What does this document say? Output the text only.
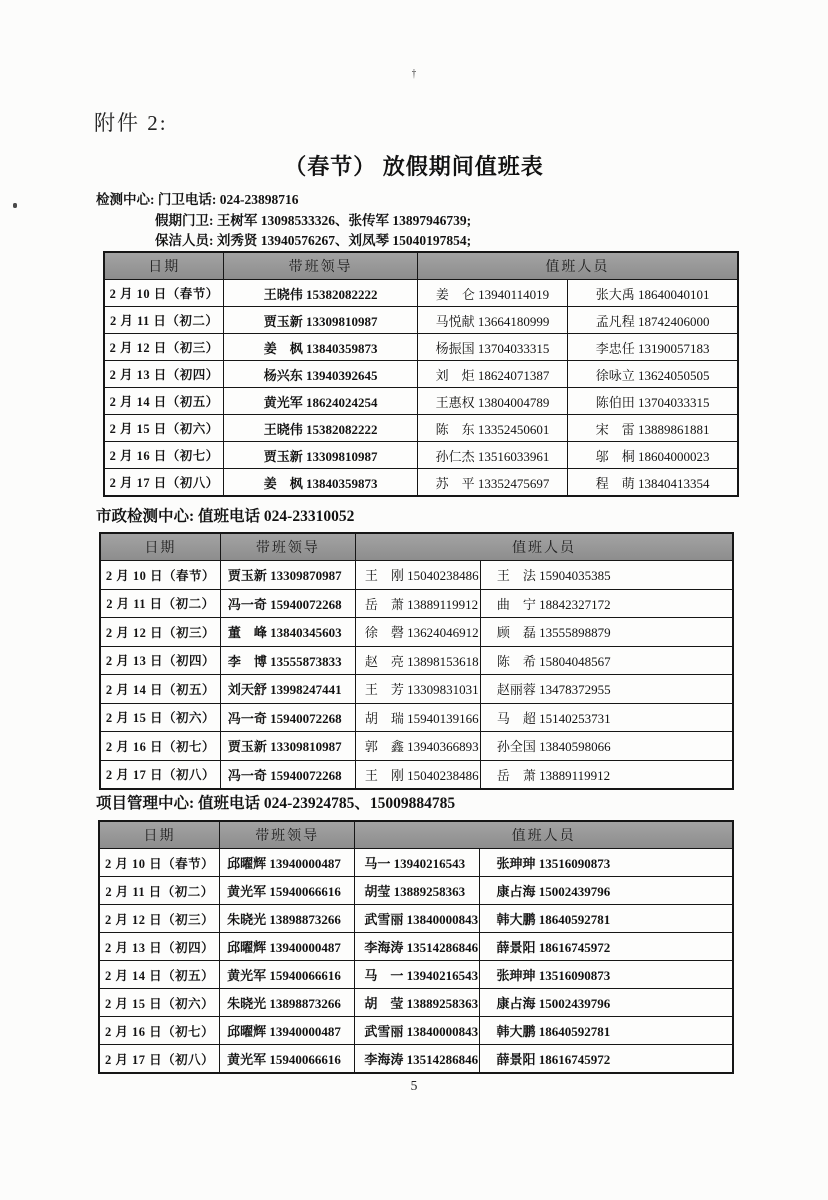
†
附件 2:
（春节） 放假期间值班表
检测中心: 门卫电话: 024-23898716
假期门卫: 王树军 13098533326、张传军 13897946739;
保洁人员: 刘秀贤 13940576267、刘凤琴 15040197854;
日期	带班领导	值班人员
2 月 10 日（春节）	王晓伟 15382082222	姜　仑 13940114019	张大禹 18640040101
2 月 11 日（初二）	贾玉新 13309810987	马悦献 13664180999	孟凡程 18742406000
2 月 12 日（初三）	姜　枫 13840359873	杨振国 13704033315	李忠任 13190057183
2 月 13 日（初四）	杨兴东 13940392645	刘　炬 18624071387	徐咏立 13624050505
2 月 14 日（初五）	黄光军 18624024254	王惠权 13804004789	陈伯田 13704033315
2 月 15 日（初六）	王晓伟 15382082222	陈　东 13352450601	宋　雷 13889861881
2 月 16 日（初七）	贾玉新 13309810987	孙仁杰 13516033961	邬　桐 18604000023
2 月 17 日（初八）	姜　枫 13840359873	苏　平 13352475697	程　萌 13840413354
市政检测中心: 值班电话 024-23310052
日期	带班领导	值班人员
2 月 10 日（春节） 贾玉新 13309870987	王　刚 15040238486	王　法 15904035385
2 月 11 日（初二）	冯一奇 15940072268	岳　萧 13889119912	曲　宁 18842327172
2 月 12 日（初三） 董　峰 13840345603	徐　磬 13624046912	顾　磊 13555898879
2 月 13 日（初四） 李　博 13555873833	赵　亮 13898153618	陈　希 15804048567
2 月 14 日（初五） 刘天舒 13998247441	王　芳 13309831031	赵丽蓉 13478372955
2 月 15 日（初六） 冯一奇 15940072268	胡　瑞 15940139166	马　超 15140253731
2 月 16 日（初七） 贾玉新 13309810987	郭　鑫 13940366893	孙全国 13840598066
2 月 17 日（初八） 冯一奇 15940072268	王　刚 15040238486	岳　萧 13889119912
项目管理中心: 值班电话 024-23924785、15009884785
日期	带班领导	值班人员
2 月 10 日（春节） 邱曜辉 13940000487	马一 13940216543	张珅珅 13516090873
2 月 11 日（初二）	黄光军 15940066616	胡莹 13889258363	康占海 15002439796
2 月 12 日（初三） 朱晓光 13898873266	武雪丽 13840000843	韩大鹏 18640592781
2 月 13 日（初四） 邱曜辉 13940000487	李海涛 13514286846	薛景阳 18616745972
2 月 14 日（初五） 黄光军 15940066616	马　一 13940216543	张珅珅 13516090873
2 月 15 日（初六） 朱晓光 13898873266	胡　莹 13889258363	康占海 15002439796
2 月 16 日（初七） 邱曜辉 13940000487	武雪丽 13840000843	韩大鹏 18640592781
2 月 17 日（初八） 黄光军 15940066616	李海涛 13514286846	薛景阳 18616745972
5
